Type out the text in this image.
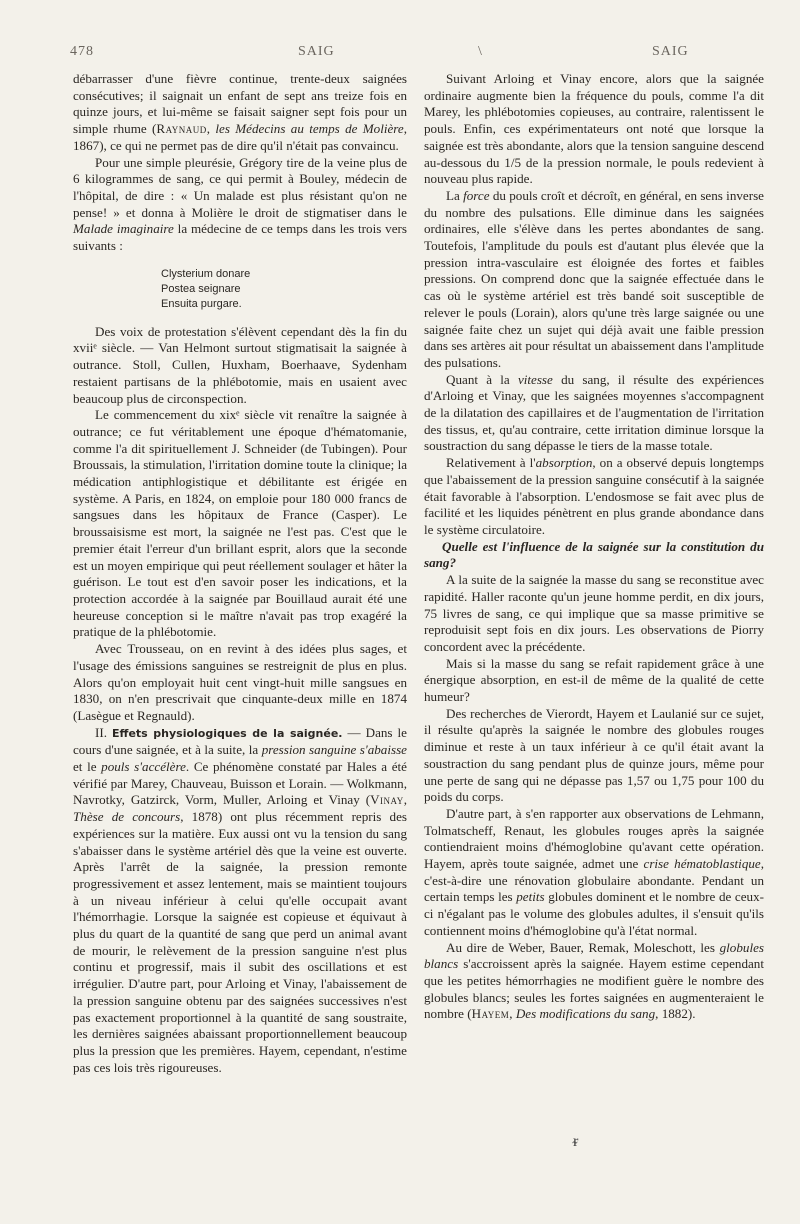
478	SAIG	\	SAIG

débarrasser d'une fièvre continue, trente-deux saignées consécutives; il saignait un enfant de sept ans treize fois en quinze jours, et lui-même se faisait saigner sept fois pour un simple rhume (Raynaud, les Médecins au temps de Molière, 1867), ce qui ne permet pas de dire qu'il n'était pas convaincu.

Pour une simple pleurésie, Grégory tire de la veine plus de 6 kilogrammes de sang, ce qui permit à Bouley, médecin de l'hôpital, de dire : « Un malade est plus résistant qu'on ne pense! » et donna à Molière le droit de stigmatiser dans le Malade imaginaire la médecine de ce temps dans les trois vers suivants :

Clysterium donare
Postea seignare
Ensuita purgare.

Des voix de protestation s'élèvent cependant dès la fin du xviiᵉ siècle. — Van Helmont surtout stigmatisait la saignée à outrance. Stoll, Cullen, Huxham, Boerhaave, Sydenham restaient partisans de la phlébotomie, mais en usaient avec beaucoup plus de circonspection.

Le commencement du xixᵉ siècle vit renaître la saignée à outrance; ce fut véritablement une époque d'hématomanie, comme l'a dit spirituellement J. Schneider (de Tubingen). Pour Broussais, la stimulation, l'irritation domine toute la clinique; la médication antiphlogistique et débilitante est érigée en système. A Paris, en 1824, on emploie pour 180 000 francs de sangsues dans les hôpitaux de France (Casper). Le broussaisisme est mort, la saignée ne l'est pas. C'est que le premier était l'erreur d'un brillant esprit, alors que la seconde est un moyen empirique qui peut réellement soulager et hâter la guérison. Le tout est d'en savoir poser les indications, et la protection accordée à la saignée par Bouillaud aurait été une heureuse conception si le maître n'avait pas trop exagéré la pratique de la phlébotomie.

Avec Trousseau, on en revint à des idées plus sages, et l'usage des émissions sanguines se restreignit de plus en plus. Alors qu'on employait huit cent vingt-huit mille sangsues en 1830, on n'en prescrivait que cinquante-deux mille en 1874 (Lasègue et Regnauld).

II. Effets physiologiques de la saignée. — Dans le cours d'une saignée, et à la suite, la pression sanguine s'abaisse et le pouls s'accélère. Ce phénomène constaté par Hales a été vérifié par Marey, Chauveau, Buisson et Lorain. — Wolkmann, Navrotky, Gatzirck, Vorm, Muller, Arloing et Vinay (Vinay, Thèse de concours, 1878) ont plus récemment repris des expériences sur la matière. Eux aussi ont vu la tension du sang s'abaisser dans le système artériel dès que la veine est ouverte. Après l'arrêt de la saignée, la pression remonte progressivement et assez lentement, mais se maintient toujours à un niveau inférieur à celui qu'elle occupait avant l'hémorrhagie. Lorsque la saignée est copieuse et équivaut à plus du quart de la quantité de sang que perd un animal avant de mourir, le relèvement de la pression sanguine n'est plus continu et progressif, mais il subit des oscillations et est irrégulier. D'autre part, pour Arloing et Vinay, l'abaissement de la pression sanguine obtenu par des saignées successives n'est pas exactement proportionnel à la quantité de sang soustraite, les dernières saignées abaissant proportionnellement beaucoup plus la pression que les premières. Hayem, cependant, n'estime pas ces lois très rigoureuses.

Suivant Arloing et Vinay encore, alors que la saignée ordinaire augmente bien la fréquence du pouls, comme l'a dit Marey, les phlébotomies copieuses, au contraire, ralentissent le pouls. Enfin, ces expérimentateurs ont noté que lorsque la saignée est très abondante, alors que la tension sanguine descend au-dessous du 1/5 de la pression normale, le pouls redevient à nouveau plus rapide.

La force du pouls croît et décroît, en général, en sens inverse du nombre des pulsations. Elle diminue dans les saignées ordinaires, elle s'élève dans les pertes abondantes de sang. Toutefois, l'amplitude du pouls est d'autant plus élevée que la pression intra-vasculaire est éloignée des fortes et faibles pressions. On comprend donc que la saignée effectuée dans le cas où le système artériel est très bandé soit susceptible de relever le pouls (Lorain), alors qu'une très large saignée ou une saignée faite chez un sujet qui déjà avait une faible pression dans ses artères ait pour résultat un abaissement dans l'amplitude des pulsations.

Quant à la vitesse du sang, il résulte des expériences d'Arloing et Vinay, que les saignées moyennes s'accompagnent de la dilatation des capillaires et de l'augmentation de l'irritation des tissus, et, qu'au contraire, cette irritation diminue lorsque la soustraction du sang dépasse le tiers de la masse totale.

Relativement à l'absorption, on a observé depuis longtemps que l'abaissement de la pression sanguine consécutif à la saignée était favorable à l'absorption. L'endosmose se fait avec plus de facilité et les liquides pénètrent en plus grande abondance dans le système circulatoire.

Quelle est l'influence de la saignée sur la constitution du sang?

A la suite de la saignée la masse du sang se reconstitue avec rapidité. Haller raconte qu'un jeune homme perdit, en dix jours, 75 livres de sang, ce qui implique que sa masse primitive se reproduisit sept fois en dix jours. Les observations de Piorry concordent avec la précédente.

Mais si la masse du sang se refait rapidement grâce à une énergique absorption, en est-il de même de la qualité de cette humeur?

Des recherches de Vierordt, Hayem et Laulanié sur ce sujet, il résulte qu'après la saignée le nombre des globules rouges diminue et reste à un taux inférieur à ce qu'il était avant la soustraction du sang pendant plus de quinze jours, même pour une perte de sang qui ne dépasse pas 1,57 ou 1,75 pour 100 du poids du corps.

D'autre part, à s'en rapporter aux observations de Lehmann, Tolmatscheff, Renaut, les globules rouges après la saignée contiendraient moins d'hémoglobine qu'avant cette opération. Hayem, après toute saignée, admet une crise hématoblastique, c'est-à-dire une rénovation globulaire abondante. Pendant un certain temps les petits globules dominent et le nombre de ceux-ci n'égalant pas le volume des globules adultes, il s'ensuit qu'ils contiennent moins d'hémoglobine qu'à l'état normal.

Au dire de Weber, Bauer, Remak, Moleschott, les globules blancs s'accroissent après la saignée. Hayem estime cependant que les petites hémorrhagies ne modifient guère le nombre des globules blancs; seules les fortes saignées en augmenteraient le nombre (Hayem, Des modifications du sang, 1882).

ᵲ
